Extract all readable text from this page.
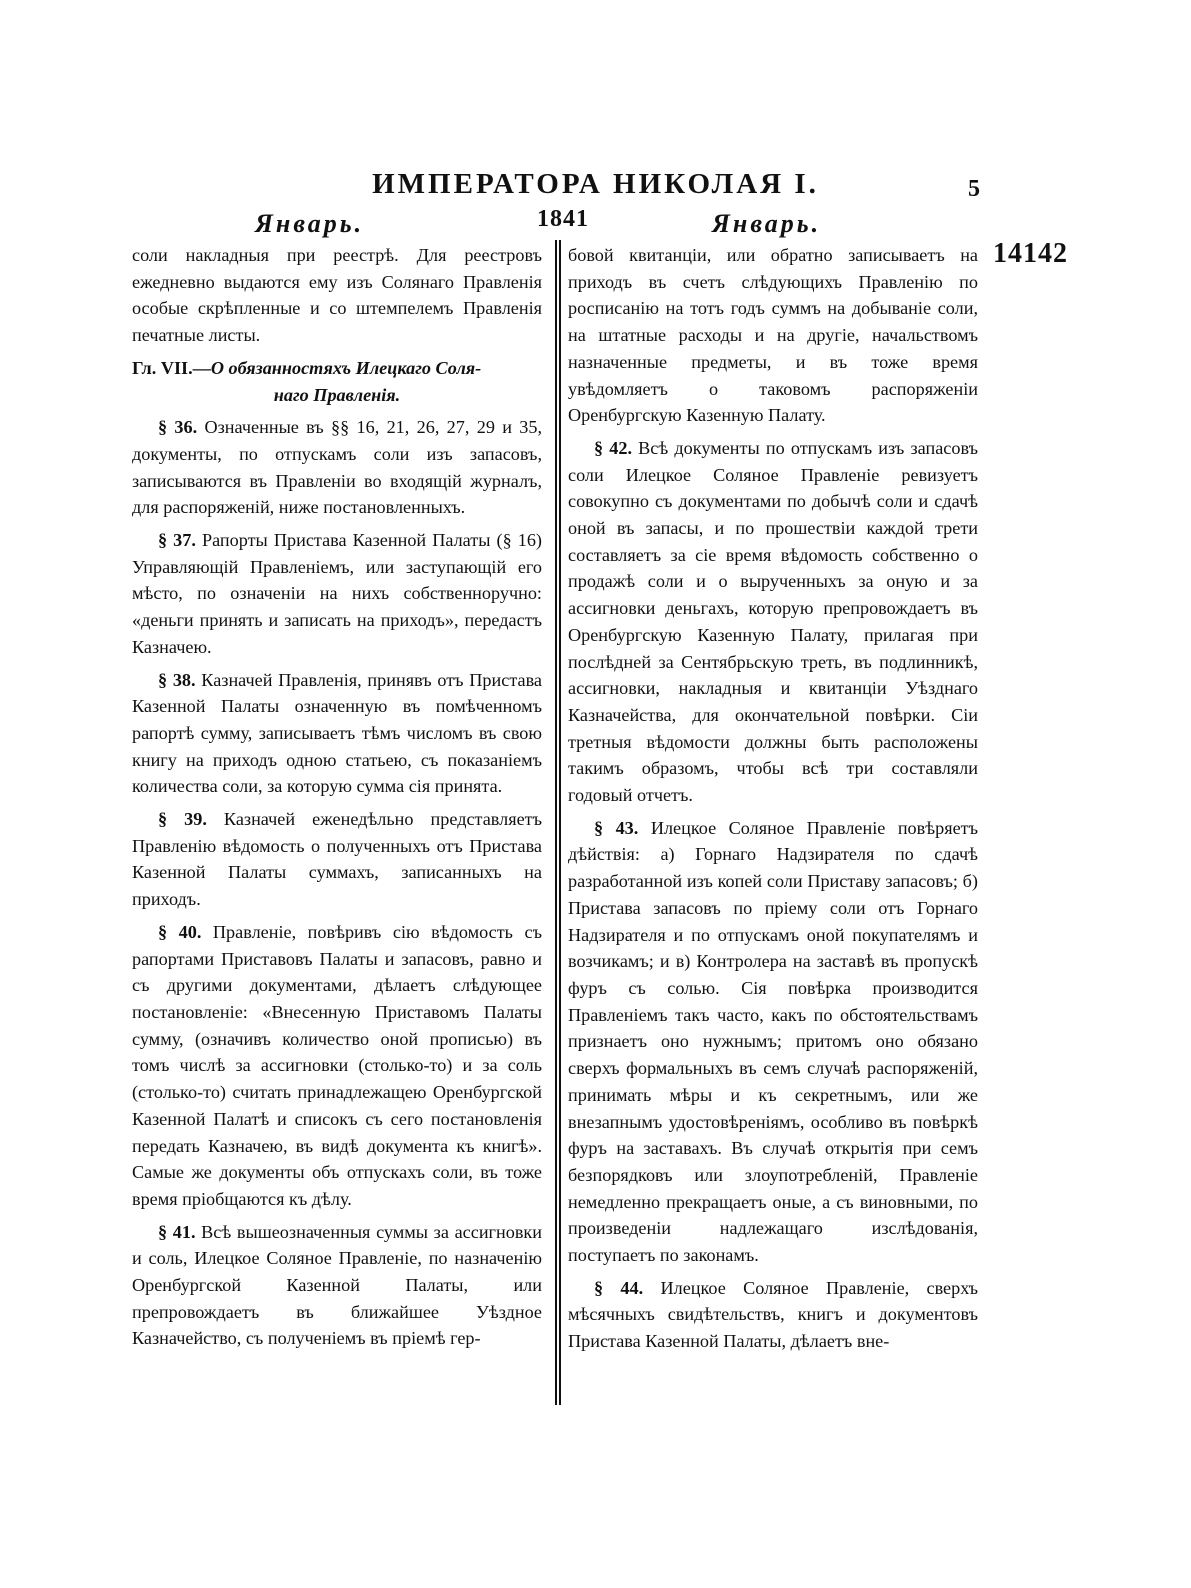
ИМПЕРАТОРА НИКОЛАЯ I.	5
Январь.	1841	Январь.
14142

соли накладныя при реестрѣ. Для реестровъ ежедневно выдаются ему изъ Солянаго Правленія особые скрѣпленные и со штемпелемъ Правленія печатные листы.

Гл. VII.—О обязанностяхъ Илецкаго Соля-
наго Правленія.

§ 36. Означенные въ §§ 16, 21, 26, 27, 29 и 35, документы, по отпускамъ соли изъ запасовъ, записываются въ Правленіи во входящій журналъ, для распоряженій, ниже постановленныхъ.

§ 37. Рапорты Пристава Казенной Палаты (§ 16) Управляющій Правленіемъ, или заступающій его мѣсто, по означеніи на нихъ собственноручно: «деньги принять и записать на приходъ», передастъ Казначею.

§ 38. Казначей Правленія, принявъ отъ Пристава Казенной Палаты означенную въ помѣченномъ рапортѣ сумму, записываетъ тѣмъ числомъ въ свою книгу на приходъ одною статьею, съ показаніемъ количества соли, за которую сумма сія принята.

§ 39. Казначей еженедѣльно представляетъ Правленію вѣдомость о полученныхъ отъ Пристава Казенной Палаты суммахъ, записанныхъ на приходъ.

§ 40. Правленіе, повѣривъ сію вѣдомость съ рапортами Приставовъ Палаты и запасовъ, равно и съ другими документами, дѣлаетъ слѣдующее постановленіе: «Внесенную Приставомъ Палаты сумму, (означивъ количество оной прописью) въ томъ числѣ за ассигновки (столько-то) и за соль (столько-то) считать принадлежащею Оренбургской Казенной Палатѣ и списокъ съ сего постановленія передать Казначею, въ видѣ документа къ книгѣ». Самые же документы объ отпускахъ соли, въ тоже время пріобщаются къ дѣлу.

§ 41. Всѣ вышеозначенныя суммы за ассигновки и соль, Илецкое Соляное Правленіе, по назначенію Оренбургской Казенной Палаты, или препровождаетъ въ ближайшее Уѣздное Казначейство, съ полученіемъ въ пріемѣ гер-

бовой квитанціи, или обратно записываетъ на приходъ въ счетъ слѣдующихъ Правленію по росписанію на тотъ годъ суммъ на добываніе соли, на штатные расходы и на другіе, начальствомъ назначенные предметы, и въ тоже время увѣдомляетъ о таковомъ распоряженіи Оренбургскую Казенную Палату.

§ 42. Всѣ документы по отпускамъ изъ запасовъ соли Илецкое Соляное Правленіе ревизуетъ совокупно съ документами по добычѣ соли и сдачѣ оной въ запасы, и по прошествіи каждой трети составляетъ за сіе время вѣдомость собственно о продажѣ соли и о вырученныхъ за оную и за ассигновки деньгахъ, которую препровождаетъ въ Оренбургскую Казенную Палату, прилагая при послѣдней за Сентябрьскую треть, въ подлинникѣ, ассигновки, накладныя и квитанціи Уѣзднаго Казначейства, для окончательной повѣрки. Сіи третныя вѣдомости должны быть расположены такимъ образомъ, чтобы всѣ три составляли годовый отчетъ.

§ 43. Илецкое Соляное Правленіе повѣряетъ дѣйствія: а) Горнаго Надзирателя по сдачѣ разработанной изъ копей соли Приставу запасовъ; б) Пристава запасовъ по пріему соли отъ Горнаго Надзирателя и по отпускамъ оной покупателямъ и возчикамъ; и в) Контролера на заставѣ въ пропускѣ фуръ съ солью. Сія повѣрка производится Правленіемъ такъ часто, какъ по обстоятельствамъ признаетъ оно нужнымъ; притомъ оно обязано сверхъ формальныхъ въ семъ случаѣ распоряженій, принимать мѣры и къ секретнымъ, или же внезапнымъ удостовѣреніямъ, особливо въ повѣркѣ фуръ на заставахъ. Въ случаѣ открытія при семъ безпорядковъ или злоупотребленій, Правленіе немедленно прекращаетъ оные, а съ виновными, по произведеніи надлежащаго изслѣдованія, поступаетъ по законамъ.

§ 44. Илецкое Соляное Правленіе, сверхъ мѣсячныхъ свидѣтельствъ, книгъ и документовъ Пристава Казенной Палаты, дѣлаетъ вне-
